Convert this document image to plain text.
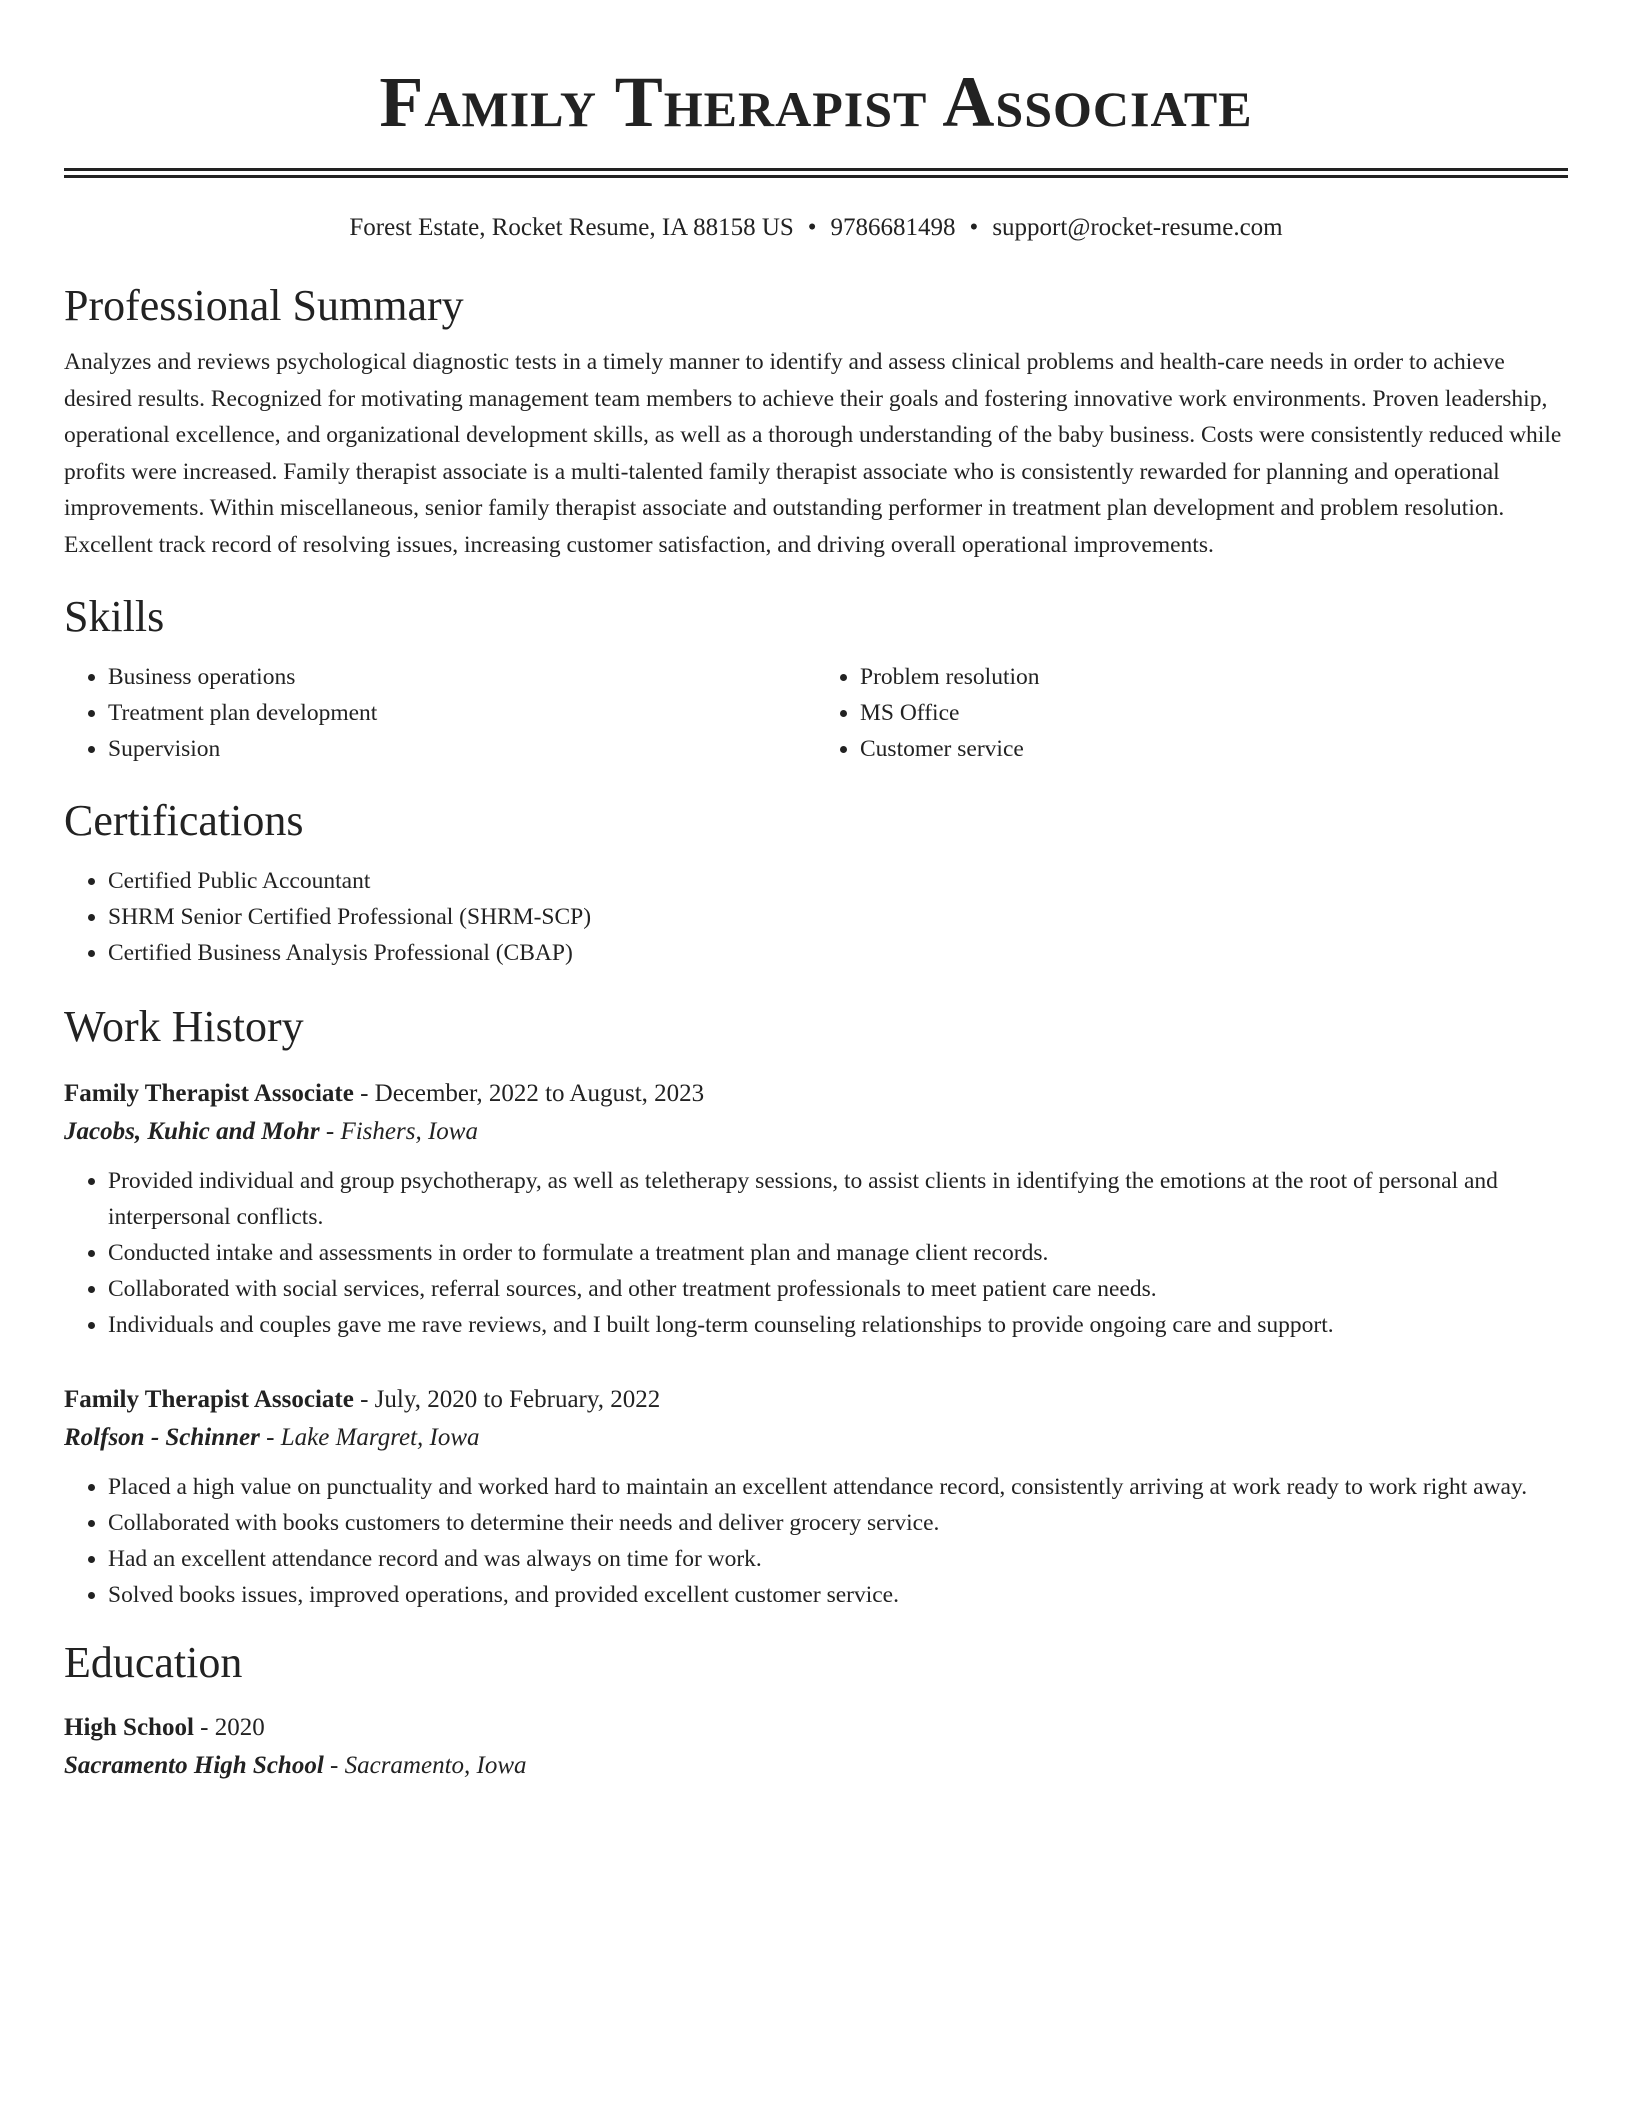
Family Therapist Associate
Forest Estate, Rocket Resume, IA 88158 US • 9786681498 • support@rocket-resume.com
Professional Summary

Analyzes and reviews psychological diagnostic tests in a timely manner to identify and assess clinical problems and health-care needs in order to achieve desired results. Recognized for motivating management team members to achieve their goals and fostering innovative work environments. Proven leadership, operational excellence, and organizational development skills, as well as a thorough understanding of the baby business. Costs were consistently reduced while profits were increased. Family therapist associate is a multi-talented family therapist associate who is consistently rewarded for planning and operational improvements. Within miscellaneous, senior family therapist associate and outstanding performer in treatment plan development and problem resolution. Excellent track record of resolving issues, increasing customer satisfaction, and driving overall operational improvements.

Skills
• Business operations
• Treatment plan development
• Supervision
• Problem resolution
• MS Office
• Customer service
Certifications
• Certified Public Accountant
• SHRM Senior Certified Professional (SHRM-SCP)
• Certified Business Analysis Professional (CBAP)
Work History
Family Therapist Associate - December, 2022 to August, 2023
Jacobs, Kuhic and Mohr - Fishers, Iowa
• Provided individual and group psychotherapy, as well as teletherapy sessions, to assist clients in identifying the emotions at the root of personal and interpersonal conflicts.
• Conducted intake and assessments in order to formulate a treatment plan and manage client records.
• Collaborated with social services, referral sources, and other treatment professionals to meet patient care needs.
• Individuals and couples gave me rave reviews, and I built long-term counseling relationships to provide ongoing care and support.
Family Therapist Associate - July, 2020 to February, 2022
Rolfson - Schinner - Lake Margret, Iowa
• Placed a high value on punctuality and worked hard to maintain an excellent attendance record, consistently arriving at work ready to work right away.
• Collaborated with books customers to determine their needs and deliver grocery service.
• Had an excellent attendance record and was always on time for work.
• Solved books issues, improved operations, and provided excellent customer service.
Education
High School - 2020
Sacramento High School - Sacramento, Iowa
